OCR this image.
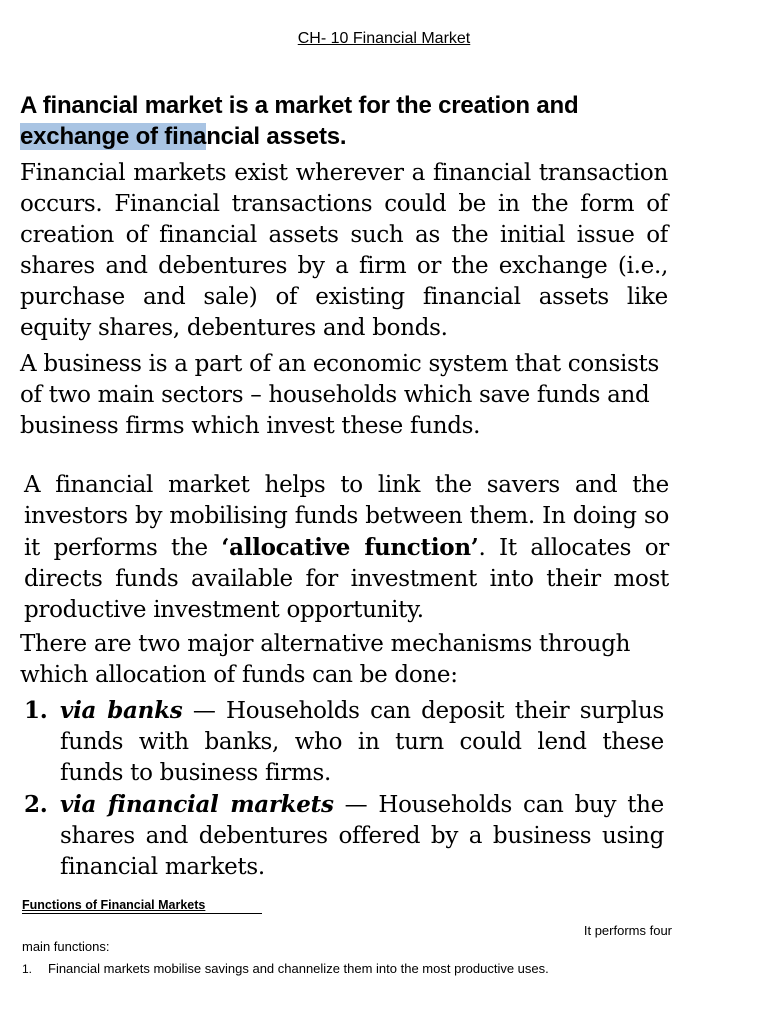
CH- 10 Financial Market
A financial market is a market for the creation and
exchange of financial assets.
Financial markets exist wherever a financial transaction occurs. Financial transactions could be in the form of creation of financial assets such as the initial issue of shares and debentures by a firm or the exchange (i.e., purchase and sale) of existing financial assets like equity shares, debentures and bonds.
A business is a part of an economic system that consists of two main sectors – households which save funds and business firms which invest these funds.
A financial market helps to link the savers and the investors by mobilising funds between them. In doing so it performs the ‘allocative function’. It allocates or directs funds available for investment into their most productive investment opportunity.
There are two major alternative mechanisms through which allocation of funds can be done:
1. via banks — Households can deposit their surplus funds with banks, who in turn could lend these funds to business firms.
2. via financial markets — Households can buy the shares and debentures offered by a business using financial markets.
Functions of Financial Markets
It performs four
main functions:
1. Financial markets mobilise savings and channelize them into the most productive uses.
